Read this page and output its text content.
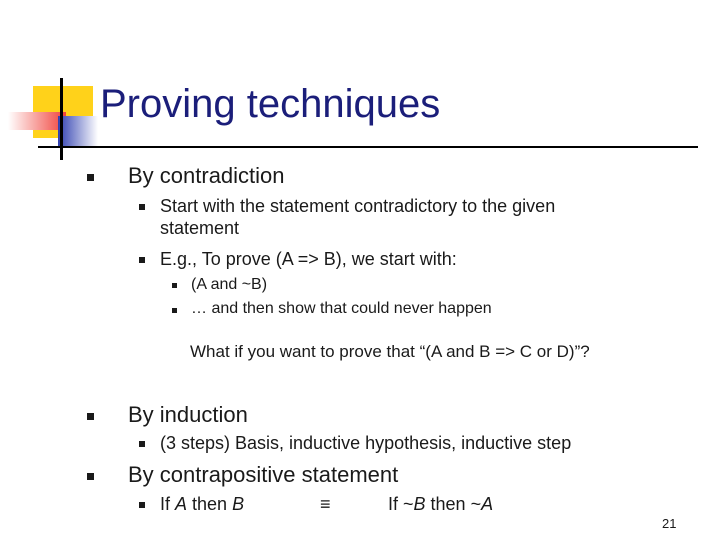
Proving techniques
By contradiction
Start with the statement contradictory to the given
statement
E.g., To prove (A => B), we start with:
(A and ~B)
… and then show that could never happen
What if you want to prove that “(A and B => C or D)”?
By induction
(3 steps) Basis, inductive hypothesis, inductive step
By contrapositive statement
If A then B	≡	If ~B then ~A
21
